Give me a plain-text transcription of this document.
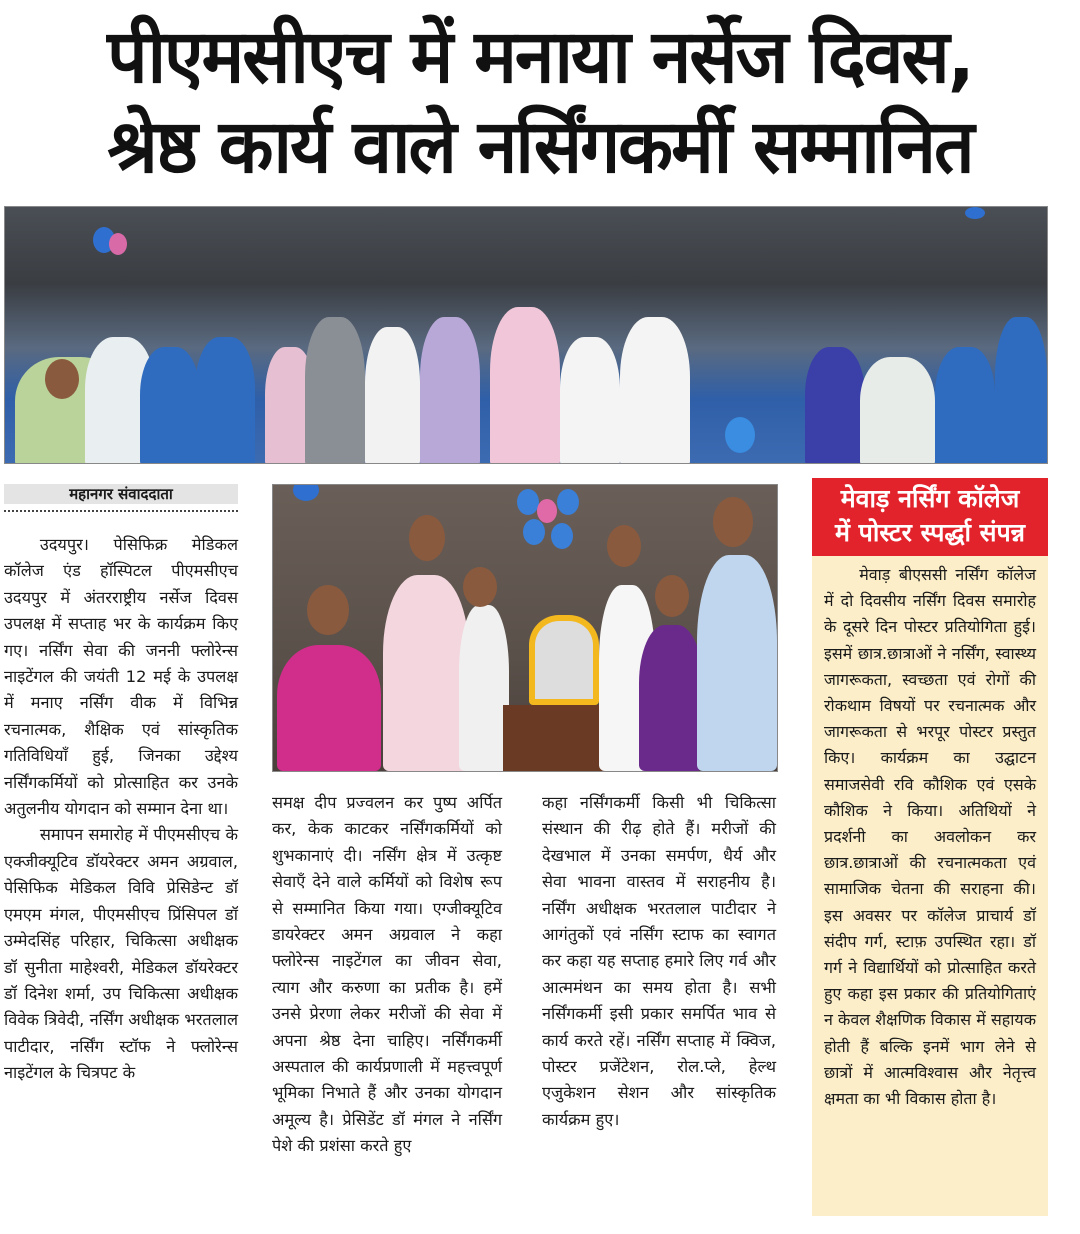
पीएमसीएच में मनाया नर्सेज दिवस,
श्रेष्ठ कार्य वाले नर्सिंगकर्मी सम्मानित
महानगर संवाददाता

उदयपुर। पेसिफिक्र मेडिकल कॉलेज एंड हॉस्पिटल पीएमसीएच उदयपुर में अंतरराष्ट्रीय नर्सेज दिवस उपलक्ष में सप्ताह भर के कार्यक्रम किए गए। नर्सिंग सेवा की जननी फ्लोरेन्स नाइटेंगल की जयंती 12 मई के उपलक्ष में मनाए नर्सिंग वीक में विभिन्न रचनात्मक, शैक्षिक एवं सांस्कृतिक गतिविधियाँ हुई, जिनका उद्देश्य नर्सिंगकर्मियों को प्रोत्साहित कर उनके अतुलनीय योगदान को सम्मान देना था।

समापन समारोह में पीएमसीएच के एक्जीक्यूटिव डॉयरेक्टर अमन अग्रवाल, पेसिफिक मेडिकल विवि प्रेसिडेन्ट डॉ एमएम मंगल, पीएमसीएच प्रिंसिपल डॉ उम्मेदसिंह परिहार, चिकित्सा अधीक्षक डॉ सुनीता माहेश्वरी, मेडिकल डॉयरेक्टर डॉ दिनेश शर्मा, उप चिकित्सा अधीक्षक विवेक त्रिवेदी, नर्सिंग अधीक्षक भरतलाल पाटीदार, नर्सिंग स्टॉफ ने फ्लोरेन्स नाइटेंगल के चित्रपट के

समक्ष दीप प्रज्वलन कर पुष्प अर्पित कर, केक काटकर नर्सिंगकर्मियों को शुभकानाएं दी। नर्सिंग क्षेत्र में उत्कृष्ट सेवाएँ देने वाले कर्मियों को विशेष रूप से सम्मानित किया गया। एग्जीक्यूटिव डायरेक्टर अमन अग्रवाल ने कहा फ्लोरेन्स नाइटेंगल का जीवन सेवा, त्याग और करुणा का प्रतीक है। हमें उनसे प्रेरणा लेकर मरीजों की सेवा में अपना श्रेष्ठ देना चाहिए। नर्सिंगकर्मी अस्पताल की कार्यप्रणाली में महत्त्वपूर्ण भूमिका निभाते हैं और उनका योगदान अमूल्य है। प्रेसिडेंट डॉ मंगल ने नर्सिंग पेशे की प्रशंसा करते हुए

कहा नर्सिंगकर्मी किसी भी चिकित्सा संस्थान की रीढ़ होते हैं। मरीजों की देखभाल में उनका समर्पण, धैर्य और सेवा भावना वास्तव में सराहनीय है। नर्सिंग अधीक्षक भरतलाल पाटीदार ने आगंतुकों एवं नर्सिंग स्टाफ का स्वागत कर कहा यह सप्ताह हमारे लिए गर्व और आत्ममंथन का समय होता है। सभी नर्सिंगकर्मी इसी प्रकार समर्पित भाव से कार्य करते रहें। नर्सिंग सप्ताह में क्विज, पोस्टर प्रजेंटेशन, रोल.प्ले, हेल्थ एजुकेशन सेशन और सांस्कृतिक कार्यक्रम हुए।

मेवाड़ नर्सिंग कॉलेज
में पोस्टर स्पर्द्धा संपन्न

मेवाड़ बीएससी नर्सिंग कॉलेज में दो दिवसीय नर्सिंग दिवस समारोह के दूसरे दिन पोस्टर प्रतियोगिता हुई। इसमें छात्र.छात्राओं ने नर्सिंग, स्वास्थ्य जागरूकता, स्वच्छता एवं रोगों की रोकथाम विषयों पर रचनात्मक और जागरूकता से भरपूर पोस्टर प्रस्तुत किए। कार्यक्रम का उद्घाटन समाजसेवी रवि कौशिक एवं एसके कौशिक ने किया। अतिथियों ने प्रदर्शनी का अवलोकन कर छात्र.छात्राओं की रचनात्मकता एवं सामाजिक चेतना की सराहना की। इस अवसर पर कॉलेज प्राचार्य डॉ संदीप गर्ग, स्टाफ़ उपस्थित रहा। डॉ गर्ग ने विद्यार्थियों को प्रोत्साहित करते हुए कहा इस प्रकार की प्रतियोगिताएं न केवल शैक्षणिक विकास में सहायक होती हैं बल्कि इनमें भाग लेने से छात्रों में आत्मविश्वास और नेतृत्त्व क्षमता का भी विकास होता है।
